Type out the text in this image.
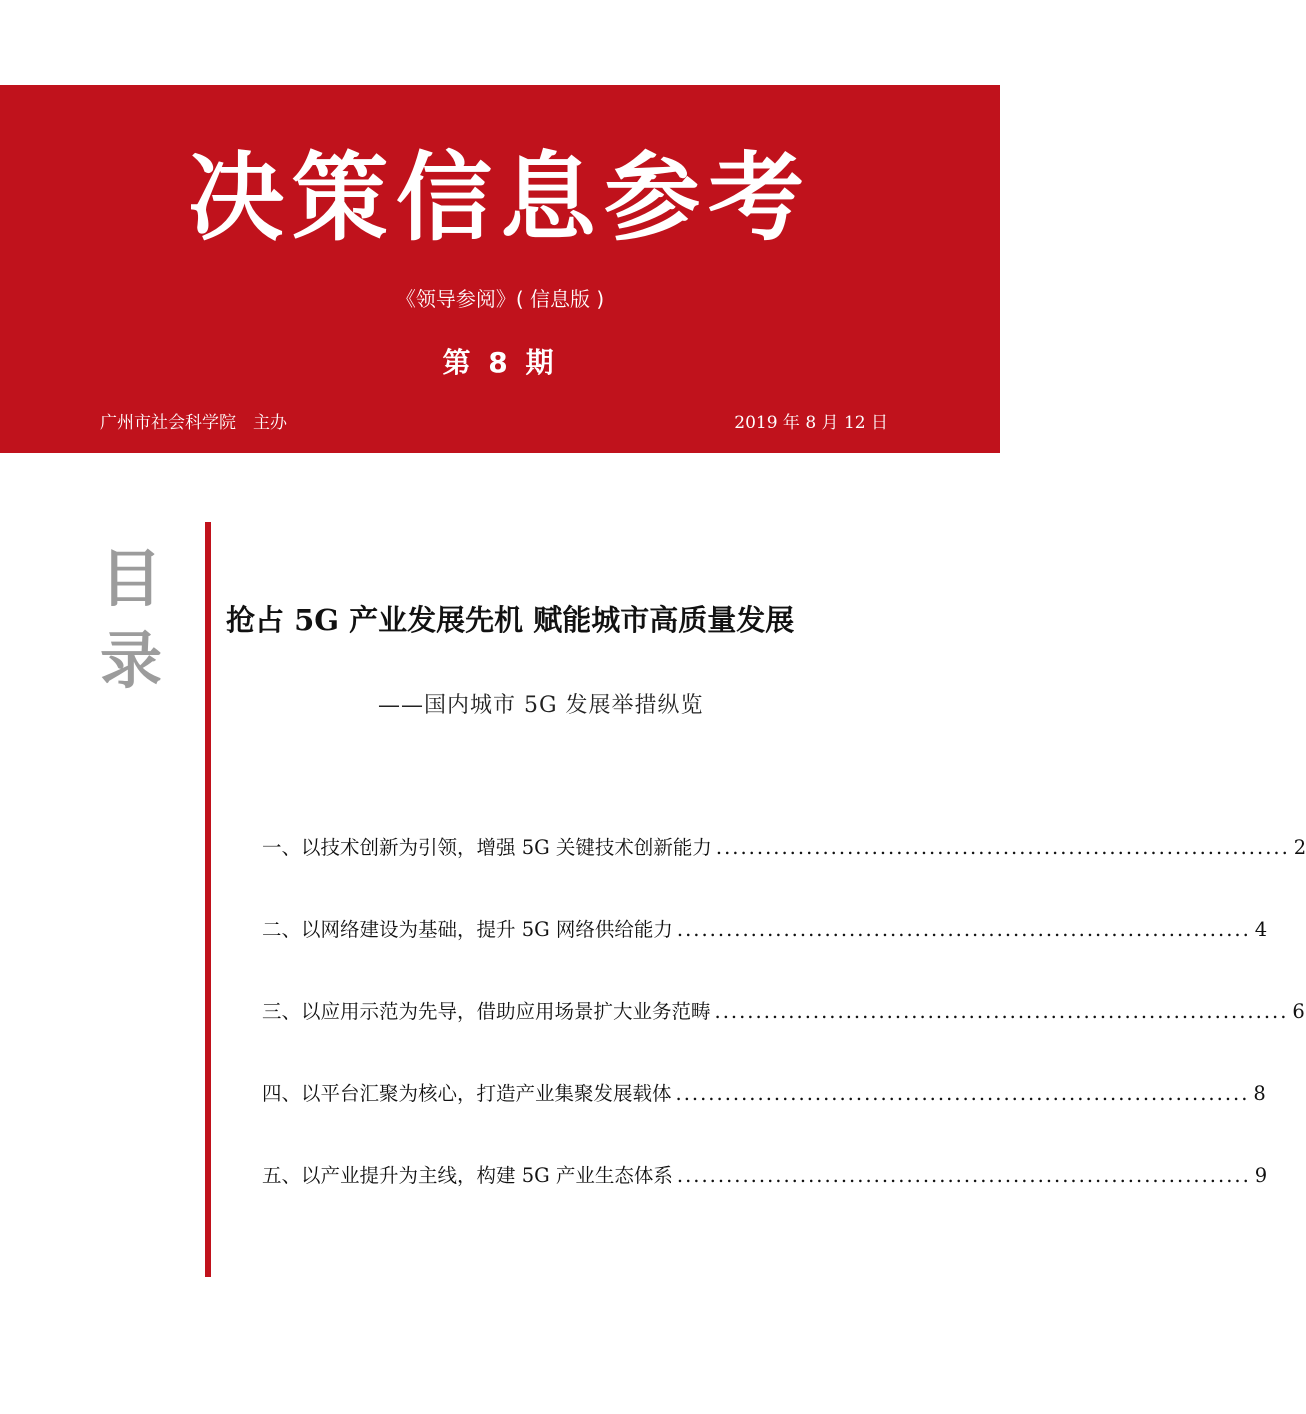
决策信息参考
《领导参阅》( 信息版 )
第 8 期
广州市社会科学院　主办	2019 年 8 月 12 日
目
录
抢占 5G 产业发展先机 赋能城市高质量发展
——国内城市 5G 发展举措纵览
一、以技术创新为引领，增强 5G 关键技术创新能力 ...................................................................... 2
二、以网络建设为基础，提升 5G 网络供给能力 ...................................................................... 4
三、以应用示范为先导，借助应用场景扩大业务范畴 ...................................................................... 6
四、以平台汇聚为核心，打造产业集聚发展载体 ...................................................................... 8
五、以产业提升为主线，构建 5G 产业生态体系 ...................................................................... 9
